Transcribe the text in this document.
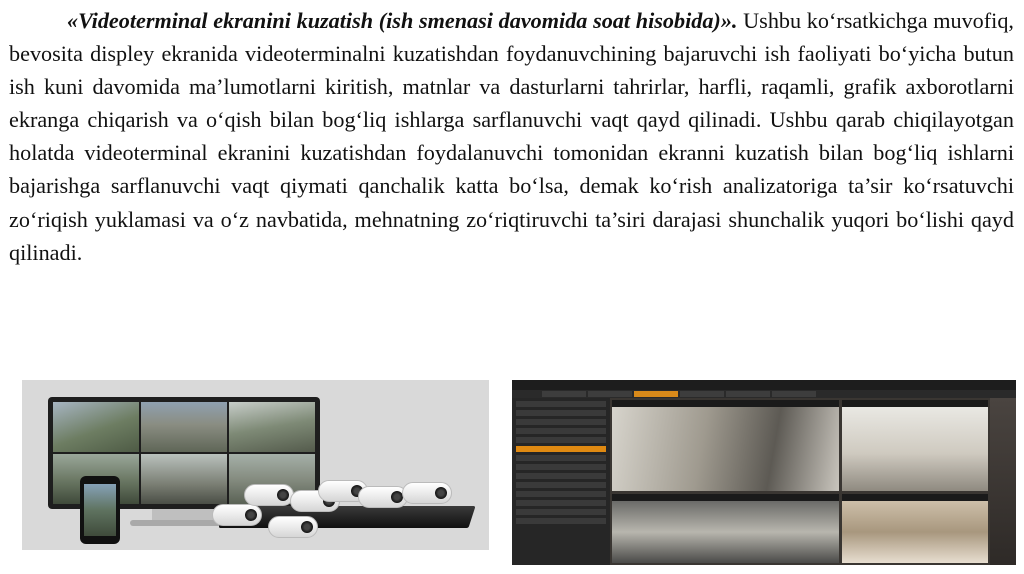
«Videoterminal ekranini kuzatish (ish smenasi davomida soat hisobida)». Ushbu ko‘rsatkichga muvofiq, bevosita displey ekranida videoterminalni kuzatishdan foydanuvchining bajaruvchi ish faoliyati bo‘yicha butun ish kuni davomida ma’lumotlarni kiritish, matnlar va dasturlarni tahrirlar, harfli, raqamli, grafik axborotlarni ekranga chiqarish va o‘qish bilan bog‘liq ishlarga sarflanuvchi vaqt qayd qilinadi. Ushbu qarab chiqilayotgan holatda videoterminal ekranini kuzatishdan foydalanuvchi tomonidan ekranni kuzatish bilan bog‘liq ishlarni bajarishga sarflanuvchi vaqt qiymati qanchalik katta bo‘lsa, demak ko‘rish analizatoriga ta’sir ko‘rsatuvchi zo‘riqish yuklamasi va o‘z navbatida, mehnatning zo‘riqtiruvchi ta’siri darajasi shunchalik yuqori bo‘lishi qayd qilinadi.
